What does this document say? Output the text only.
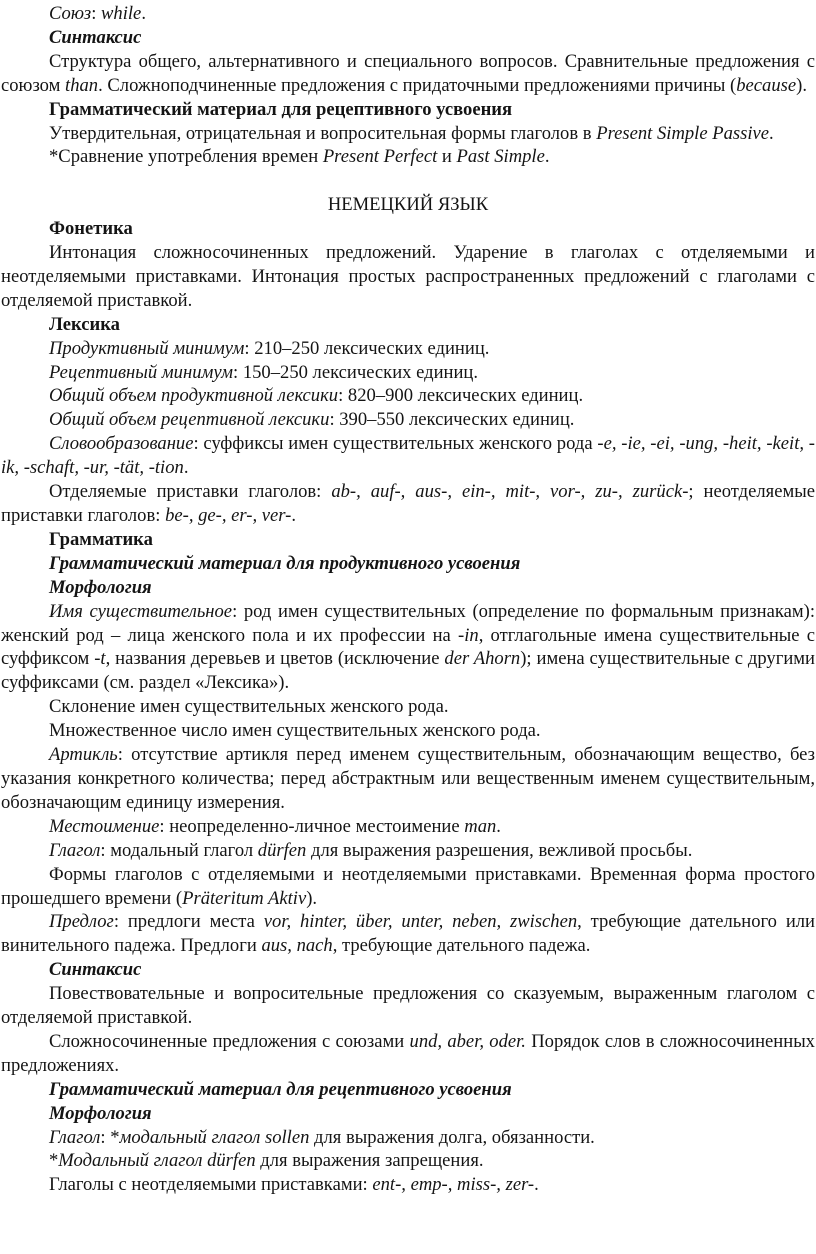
Союз: while.

Синтаксис

Структура общего, альтернативного и специального вопросов. Сравнительные предложения с союзом than. Сложноподчиненные предложения с придаточными предложениями причины (because).

Грамматический материал для рецептивного усвоения

Утвердительная, отрицательная и вопросительная формы глаголов в Present Simple Passive.

*Сравнение употребления времен Present Perfect и Past Simple.

НЕМЕЦКИЙ ЯЗЫК

Фонетика

Интонация сложносочиненных предложений. Ударение в глаголах с отделяемыми и неотделяемыми приставками. Интонация простых распространенных предложений с глаголами с отделяемой приставкой.

Лексика

Продуктивный минимум: 210–250 лексических единиц.

Рецептивный минимум: 150–250 лексических единиц.

Общий объем продуктивной лексики: 820–900 лексических единиц.

Общий объем рецептивной лексики: 390–550 лексических единиц.

Словообразование: суффиксы имен существительных женского рода -e, -ie, -ei, -ung, -heit, -keit, -ik, -schaft, -ur, -tät, -tion.

Отделяемые приставки глаголов: ab-, auf-, aus-, ein-, mit-, vor-, zu-, zurück-; неотделяемые приставки глаголов: be-, ge-, er-, ver-.

Грамматика

Грамматический материал для продуктивного усвоения

Морфология

Имя существительное: род имен существительных (определение по формальным признакам): женский род – лица женского пола и их профессии на -in, отглагольные имена существительные с суффиксом -t, названия деревьев и цветов (исключение der Ahorn); имена существительные с другими суффиксами (см. раздел «Лексика»).

Склонение имен существительных женского рода.

Множественное число имен существительных женского рода.

Артикль: отсутствие артикля перед именем существительным, обозначающим вещество, без указания конкретного количества; перед абстрактным или вещественным именем существительным, обозначающим единицу измерения.

Местоимение: неопределенно-личное местоимение man.

Глагол: модальный глагол dürfen для выражения разрешения, вежливой просьбы.

Формы глаголов с отделяемыми и неотделяемыми приставками. Временная форма простого прошедшего времени (Präteritum Aktiv).

Предлог: предлоги места vor, hinter, über, unter, neben, zwischen, требующие дательного или винительного падежа. Предлоги aus, nach, требующие дательного падежа.

Синтаксис

Повествовательные и вопросительные предложения со сказуемым, выраженным глаголом с отделяемой приставкой.

Сложносочиненные предложения с союзами und, aber, oder. Порядок слов в сложносочиненных предложениях.

Грамматический материал для рецептивного усвоения

Морфология

Глагол: *модальный глагол sollen для выражения долга, обязанности.

*Модальный глагол dürfen для выражения запрещения.

Глаголы с неотделяемыми приставками: ent-, emp-, miss-, zer-.
